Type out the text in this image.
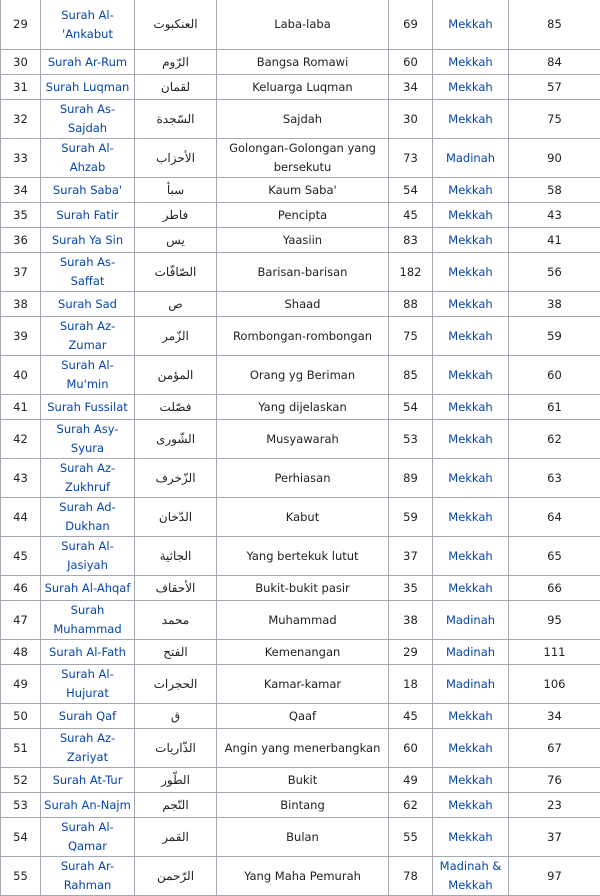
29	Surah Al-'Ankabut	العنكبوت	Laba-laba	69	Mekkah	85
30	Surah Ar-Rum	الرّوم	Bangsa Romawi	60	Mekkah	84
31	Surah Luqman	لقمان	Keluarga Luqman	34	Mekkah	57
32	Surah As-Sajdah	السّجدة	Sajdah	30	Mekkah	75
33	Surah Al-Ahzab	الأحزاب	Golongan-Golongan yang bersekutu	73	Madinah	90
34	Surah Saba'	سبأ	Kaum Saba'	54	Mekkah	58
35	Surah Fatir	فاطر	Pencipta	45	Mekkah	43
36	Surah Ya Sin	يس	Yaasiin	83	Mekkah	41
37	Surah As-Saffat	الصّافّات	Barisan-barisan	182	Mekkah	56
38	Surah Sad	ص	Shaad	88	Mekkah	38
39	Surah Az-Zumar	الزّمر	Rombongan-rombongan	75	Mekkah	59
40	Surah Al-Mu'min	المؤمن	Orang yg Beriman	85	Mekkah	60
41	Surah Fussilat	فصّلت	Yang dijelaskan	54	Mekkah	61
42	Surah Asy-Syura	الشّورى	Musyawarah	53	Mekkah	62
43	Surah Az-Zukhruf	الزّخرف	Perhiasan	89	Mekkah	63
44	Surah Ad-Dukhan	الدّخان	Kabut	59	Mekkah	64
45	Surah Al-Jasiyah	الجاثية	Yang bertekuk lutut	37	Mekkah	65
46	Surah Al-Ahqaf	الأحقاف	Bukit-bukit pasir	35	Mekkah	66
47	Surah Muhammad	محمد	Muhammad	38	Madinah	95
48	Surah Al-Fath	الفتح	Kemenangan	29	Madinah	111
49	Surah Al-Hujurat	الحجرات	Kamar-kamar	18	Madinah	106
50	Surah Qaf	ق	Qaaf	45	Mekkah	34
51	Surah Az-Zariyat	الذّاريات	Angin yang menerbangkan	60	Mekkah	67
52	Surah At-Tur	الطّور	Bukit	49	Mekkah	76
53	Surah An-Najm	النّجم	Bintang	62	Mekkah	23
54	Surah Al-Qamar	القمر	Bulan	55	Mekkah	37
55	Surah Ar-Rahman	الرّحمن	Yang Maha Pemurah	78	Madinah & Mekkah	97
